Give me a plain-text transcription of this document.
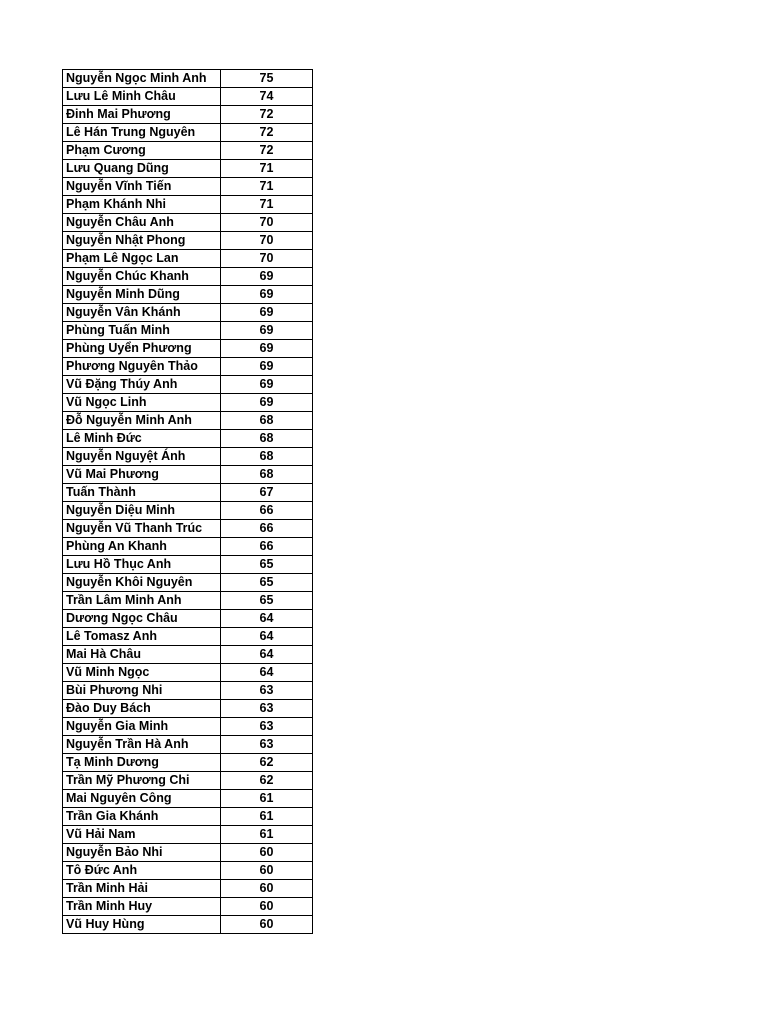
Nguyễn Ngọc Minh Anh	75
Lưu Lê Minh Châu	74
Đinh Mai Phương	72
Lê Hán Trung Nguyên	72
Phạm Cương	72
Lưu Quang Dũng	71
Nguyễn Vĩnh Tiến	71
Phạm Khánh Nhi	71
Nguyễn Châu Anh	70
Nguyễn Nhật Phong	70
Phạm Lê Ngọc Lan	70
Nguyễn Chúc Khanh	69
Nguyễn Minh Dũng	69
Nguyễn Vân Khánh	69
Phùng Tuấn Minh	69
Phùng Uyển Phương	69
Phương Nguyên Thảo	69
Vũ Đặng Thúy Anh	69
Vũ Ngọc Linh	69
Đỗ Nguyễn Minh Anh	68
Lê Minh Đức	68
Nguyễn Nguyệt Ánh	68
Vũ Mai Phương	68
Tuấn Thành	67
Nguyễn Diệu Minh	66
Nguyễn Vũ Thanh Trúc	66
Phùng An Khanh	66
Lưu Hồ Thục Anh	65
Nguyễn Khôi Nguyên	65
Trần Lâm Minh Anh	65
Dương Ngọc Châu	64
Lê Tomasz Anh	64
Mai Hà Châu	64
Vũ Minh Ngọc	64
Bùi Phương Nhi	63
Đào Duy Bách	63
Nguyễn Gia Minh	63
Nguyễn Trần Hà Anh	63
Tạ Minh Dương	62
Trần Mỹ Phương Chi	62
Mai Nguyên Công	61
Trần Gia Khánh	61
Vũ Hải Nam	61
Nguyễn Bảo Nhi	60
Tô Đức Anh	60
Trần Minh Hải	60
Trần Minh Huy	60
Vũ Huy Hùng	60
